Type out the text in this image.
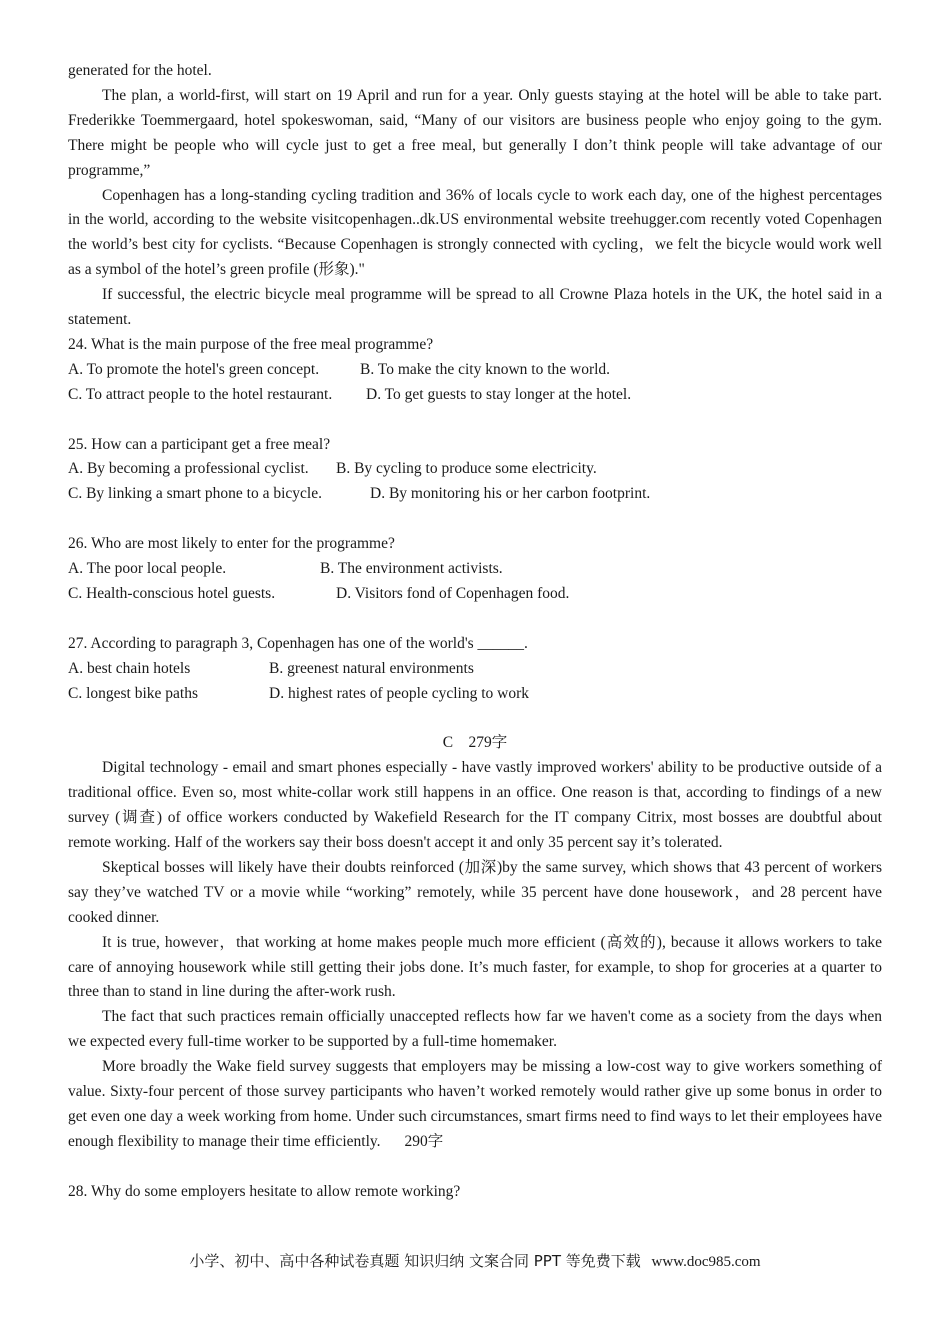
generated for the hotel.

The plan, a world-first, will start on 19 April and run for a year. Only guests staying at the hotel will be able to take part. Frederikke Toemmergaard, hotel spokeswoman, said, “Many of our visitors are business people who enjoy going to the gym. There might be people who will cycle just to get a free meal, but generally I don’t think people will take advantage of our programme,”

Copenhagen has a long-standing cycling tradition and 36% of locals cycle to work each day, one of the highest percentages in the world, according to the website visitcopenhagen..dk.US environmental website treehugger.com recently voted Copenhagen the world’s best city for cyclists. “Because Copenhagen is strongly connected with cycling，we felt the bicycle would work well as a symbol of the hotel’s green profile (形象)."

If successful, the electric bicycle meal programme will be spread to all Crowne Plaza hotels in the UK, the hotel said in a statement.

24. What is the main purpose of the free meal programme?

A. To promote the hotel's green concept.	B. To make the city known to the world.
C. To attract people to the hotel restaurant.	D. To get guests to stay longer at the hotel.

25. How can a participant get a free meal?

A. By becoming a professional cyclist.	B. By cycling to produce some electricity.
C. By linking a smart phone to a bicycle.	D. By monitoring his or her carbon footprint.

26. Who are most likely to enter for the programme?

A. The poor local people.	B. The environment activists.
C. Health-conscious hotel guests.	D. Visitors fond of Copenhagen food.

27. According to paragraph 3, Copenhagen has one of the world's ______.

A. best chain hotels	B. greenest natural environments
C. longest bike paths	D. highest rates of people cycling to work

C    279字

Digital technology - email and smart phones especially - have vastly improved workers' ability to be productive outside of a traditional office. Even so, most white-collar work still happens in an office. One reason is that, according to findings of a new survey (调查) of office workers conducted by Wakefield Research for the IT company Citrix, most bosses are doubtful about remote working. Half of the workers say their boss doesn't accept it and only 35 percent say it’s tolerated.

Skeptical bosses will likely have their doubts reinforced (加深)by the same survey, which shows that 43 percent of workers say they’ve watched TV or a movie while “working” remotely, while 35 percent have done housework，and 28 percent have cooked dinner.

It is true, however，that working at home makes people much more efficient (高效的), because it allows workers to take care of annoying housework while still getting their jobs done. It’s much faster, for example, to shop for groceries at a quarter to three than to stand in line during the after-work rush.

The fact that such practices remain officially unaccepted reflects how far we haven't come as a society from the days when we expected every full-time worker to be supported by a full-time homemaker.

More broadly the Wake field survey suggests that employers may be missing a low-cost way to give workers something of value. Sixty-four percent of those survey participants who haven’t worked remotely would rather give up some bonus in order to get even one day a week working from home. Under such circumstances, smart firms need to find ways to let their employees have enough flexibility to manage their time efficiently. 290字

28. Why do some employers hesitate to allow remote working?

小学、初中、高中各种试卷真题 知识归纳 文案合同 PPT 等免费下载 www.doc985.com
